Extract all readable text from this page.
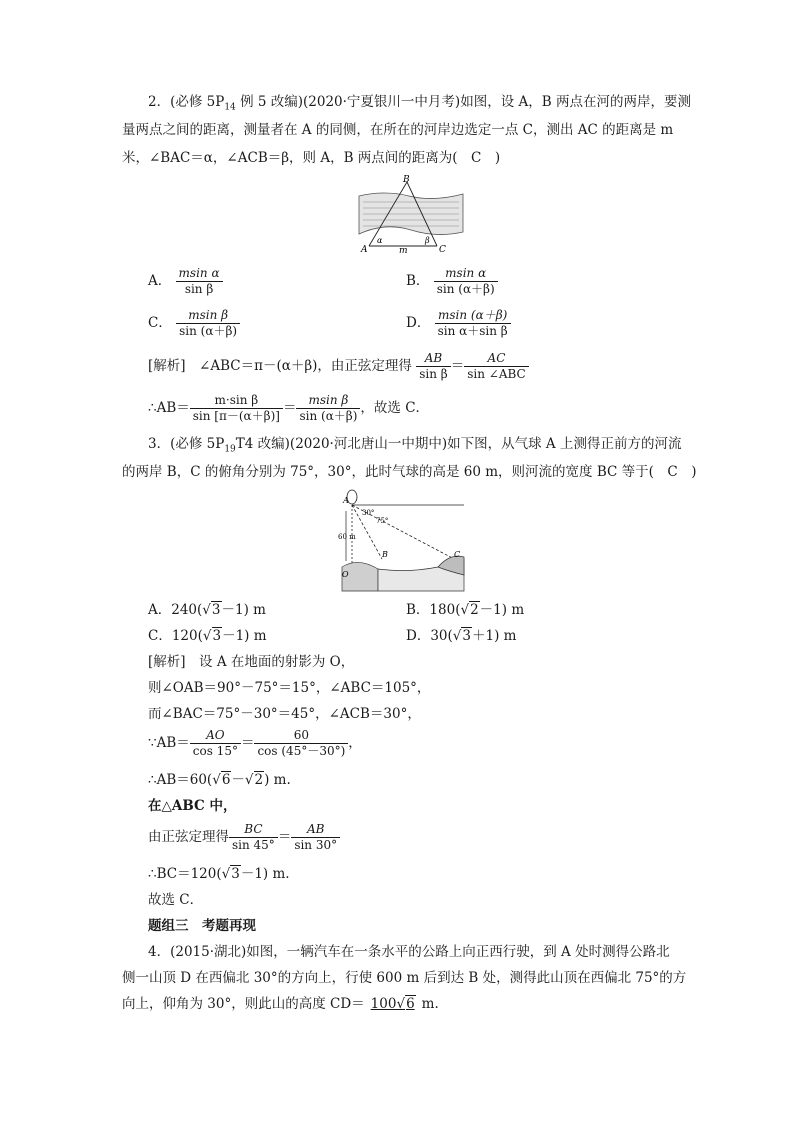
2．(必修 $5P_{14}$ 例 5 改编)(2020·宁夏银川一中月考)如图，设 A，B 两点在河的两岸，要测
量两点之间的距离，测量者在 A 的同侧，在所在的河岸边选定一点 C，测出 AC 的距离是 m
米，∠BAC＝α，∠ACB＝β，则 A，B 两点间的距离为(　C　)
B
A	C
m
α	β
A． $\frac{\text{msin α}}{\text{sin β}}$	B． $\frac{\text{msin α}}{\sin (\alpha+\beta)}$
C． $\frac{\text{msin β}}{\sin (\alpha+\beta)}$	D． $\frac{msin (\alpha+\beta)}{\text{sin α＋sin β}}$
[解析]　∠ABC＝π－(α＋β)，由正弦定理得 $\frac{AB}{\text{sin β}} = \frac{AC}{\text{sin ∠ABC}}$
∴AB＝ $\frac{\text{m·sin β}}{\sin [\pi-(\alpha+\beta)]} = \frac{\text{msin β}}{\sin (\alpha+\beta)}$ ，故选 C．
3．(必修 $5P_{19}T4$ 改编)(2020·河北唐山一中期中)如下图，从气球 A 上测得正前方的河流
的两岸 B，C 的俯角分别为 75°，30°，此时气球的高是 60 m，则河流的宽度 BC 等于(　C　)
A
B	C
O
60 m
30°
75°
A．240(√3－1) m	B．180(√2－1) m
C．120(√3－1) m	D．30(√3＋1) m
[解析]　设 A 在地面的射影为 O，
则∠OAB＝90°－75°＝15°，∠ABC＝105°，
而∠BAC＝75°－30°＝45°，∠ACB＝30°，
∵AB＝ $\frac{AO}{\cos 15^\circ} = \frac{60}{\cos (45^\circ-30^\circ)}$ ，
∴AB＝60(√6－√2) m.
在△ABC 中，
由正弦定理得 $\frac{BC}{\sin 45^\circ} = \frac{AB}{\sin 30^\circ}$
∴BC＝120(√3－1) m.
故选 C．
题组三　考题再现
4．(2015·湖北)如图，一辆汽车在一条水平的公路上向正西行驶，到 A 处时测得公路北
侧一山顶 D 在西偏北 30°的方向上，行使 600 m 后到达 B 处，测得此山顶在西偏北 75°的方
向上，仰角为 30°，则此山的高度 CD＝ 100√6 m.
